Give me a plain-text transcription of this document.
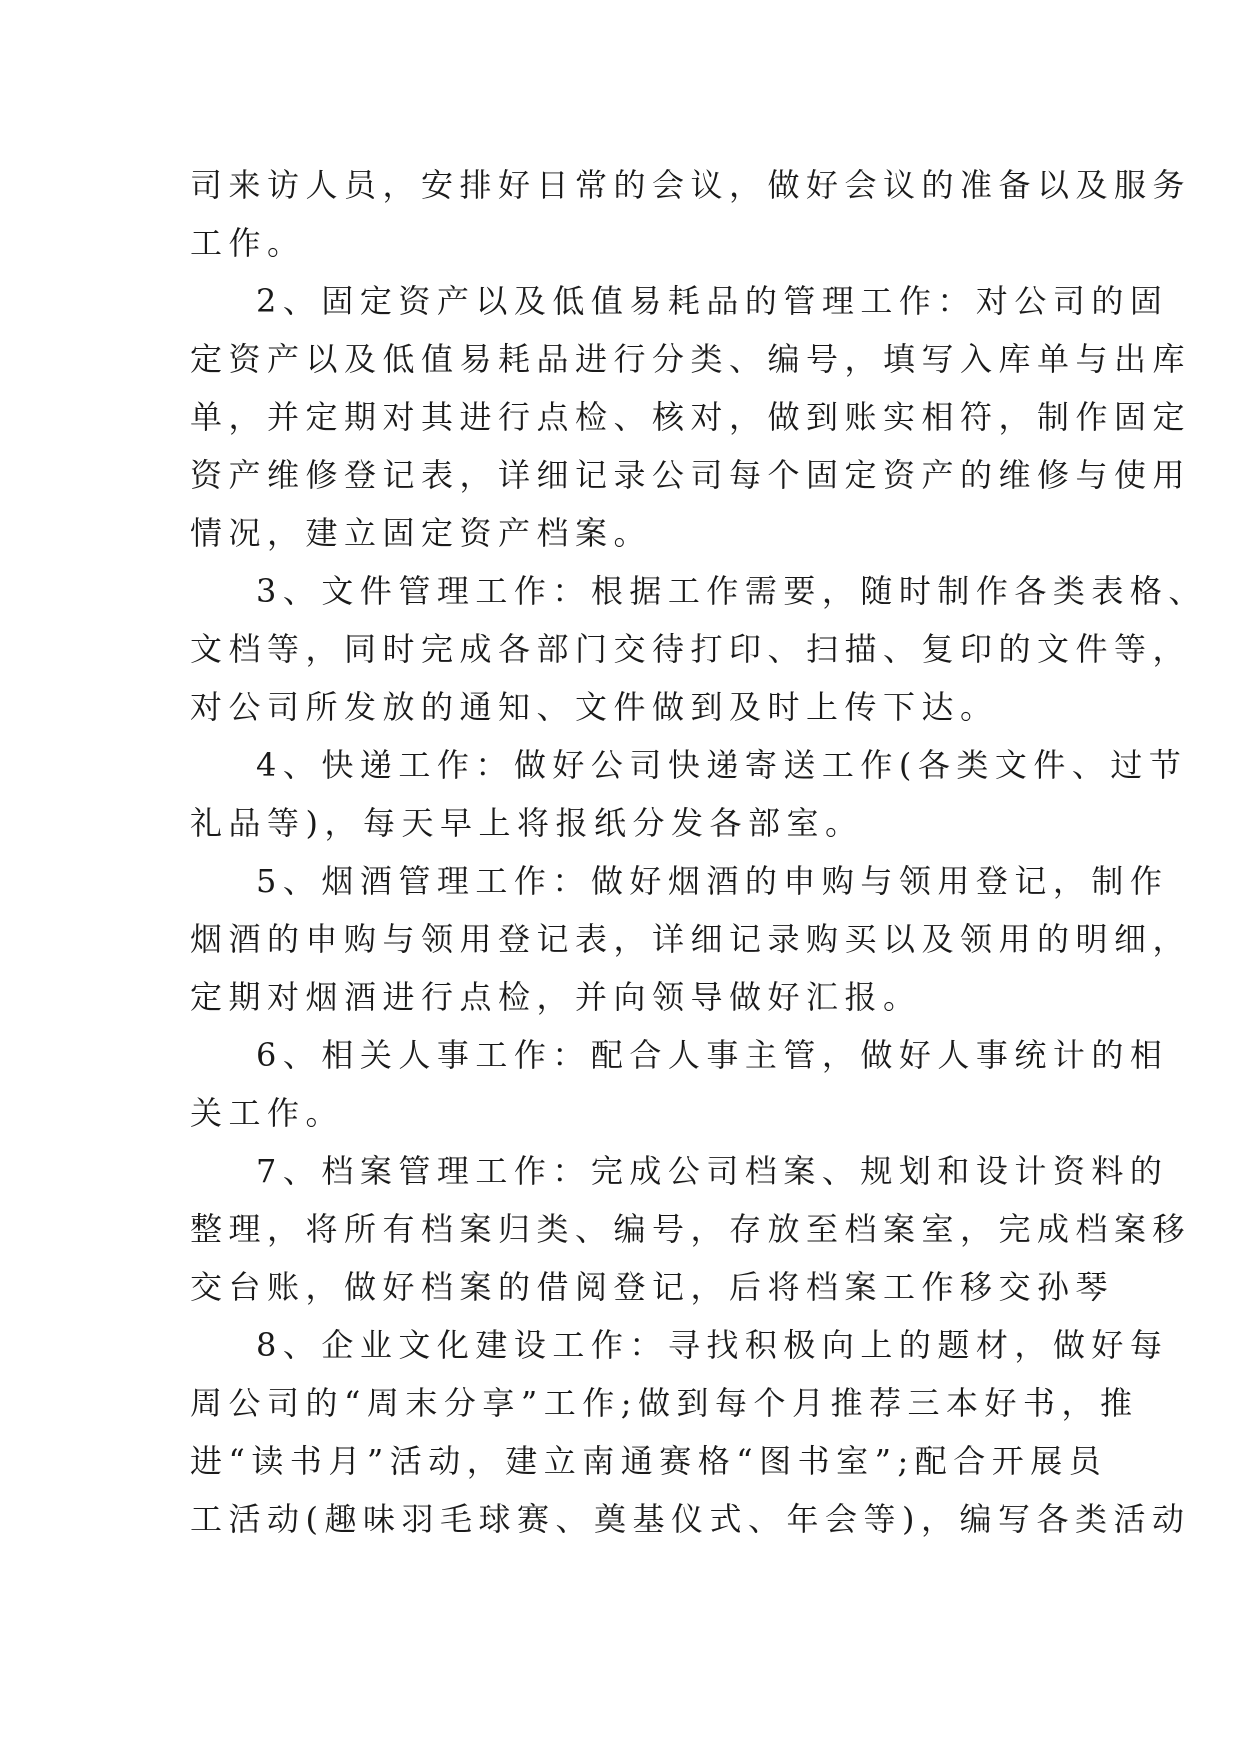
司来访人员，安排好日常的会议，做好会议的准备以及服务

工作。

2、固定资产以及低值易耗品的管理工作：对公司的固

定资产以及低值易耗品进行分类、编号，填写入库单与出库

单，并定期对其进行点检、核对，做到账实相符，制作固定

资产维修登记表，详细记录公司每个固定资产的维修与使用

情况，建立固定资产档案。

3、文件管理工作：根据工作需要，随时制作各类表格、

文档等，同时完成各部门交待打印、扫描、复印的文件等，

对公司所发放的通知、文件做到及时上传下达。

4、快递工作：做好公司快递寄送工作(各类文件、过节

礼品等)，每天早上将报纸分发各部室。

5、烟酒管理工作：做好烟酒的申购与领用登记，制作

烟酒的申购与领用登记表，详细记录购买以及领用的明细，

定期对烟酒进行点检，并向领导做好汇报。

6、相关人事工作：配合人事主管，做好人事统计的相

关工作。

7、档案管理工作：完成公司档案、规划和设计资料的

整理，将所有档案归类、编号，存放至档案室，完成档案移

交台账，做好档案的借阅登记，后将档案工作移交孙琴

8、企业文化建设工作：寻找积极向上的题材，做好每

周公司的“周末分享”工作;做到每个月推荐三本好书，推

进“读书月”活动，建立南通赛格“图书室”;配合开展员

工活动(趣味羽毛球赛、奠基仪式、年会等)，编写各类活动
